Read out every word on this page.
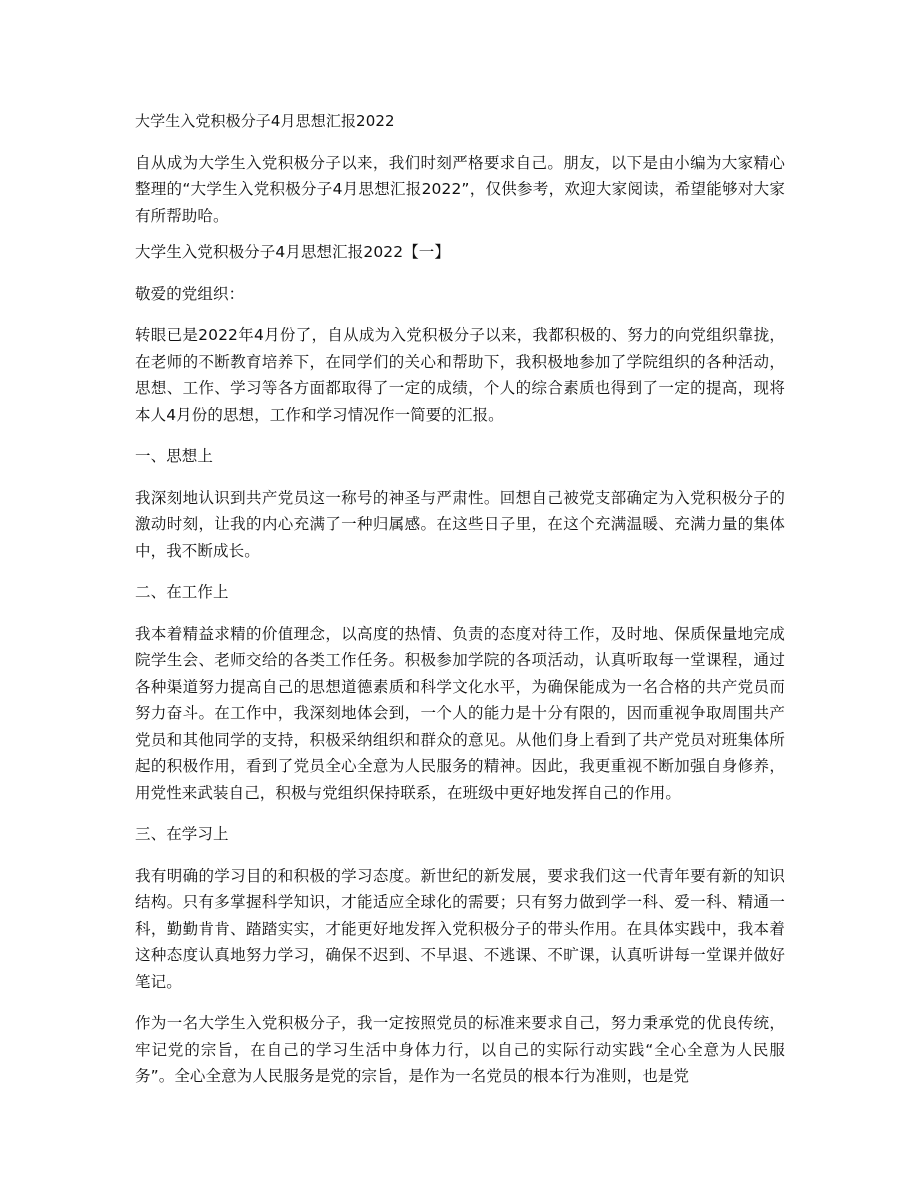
大学生入党积极分子4月思想汇报2022

自从成为大学生入党积极分子以来，我们时刻严格要求自己。朋友，以下是由小编为大家精心整理的“大学生入党积极分子4月思想汇报2022”，仅供参考，欢迎大家阅读，希望能够对大家有所帮助哈。

大学生入党积极分子4月思想汇报2022【一】

敬爱的党组织：

转眼已是2022年4月份了，自从成为入党积极分子以来，我都积极的、努力的向党组织靠拢，在老师的不断教育培养下，在同学们的关心和帮助下，我积极地参加了学院组织的各种活动，思想、工作、学习等各方面都取得了一定的成绩，个人的综合素质也得到了一定的提高，现将本人4月份的思想，工作和学习情况作一简要的汇报。

一、思想上

我深刻地认识到共产党员这一称号的神圣与严肃性。回想自己被党支部确定为入党积极分子的激动时刻，让我的内心充满了一种归属感。在这些日子里，在这个充满温暖、充满力量的集体中，我不断成长。

二、在工作上

我本着精益求精的价值理念，以高度的热情、负责的态度对待工作，及时地、保质保量地完成院学生会、老师交给的各类工作任务。积极参加学院的各项活动，认真听取每一堂课程，通过各种渠道努力提高自己的思想道德素质和科学文化水平，为确保能成为一名合格的共产党员而努力奋斗。在工作中，我深刻地体会到，一个人的能力是十分有限的，因而重视争取周围共产党员和其他同学的支持，积极采纳组织和群众的意见。从他们身上看到了共产党员对班集体所起的积极作用，看到了党员全心全意为人民服务的精神。因此，我更重视不断加强自身修养，用党性来武装自己，积极与党组织保持联系，在班级中更好地发挥自己的作用。

三、在学习上

我有明确的学习目的和积极的学习态度。新世纪的新发展，要求我们这一代青年要有新的知识结构。只有多掌握科学知识，才能适应全球化的需要；只有努力做到学一科、爱一科、精通一科，勤勤肯肯、踏踏实实，才能更好地发挥入党积极分子的带头作用。在具体实践中，我本着这种态度认真地努力学习，确保不迟到、不早退、不逃课、不旷课，认真听讲每一堂课并做好笔记。

作为一名大学生入党积极分子，我一定按照党员的标准来要求自己，努力秉承党的优良传统，牢记党的宗旨，在自己的学习生活中身体力行，以自己的实际行动实践“全心全意为人民服务”。全心全意为人民服务是党的宗旨，是作为一名党员的根本行为准则，也是党
